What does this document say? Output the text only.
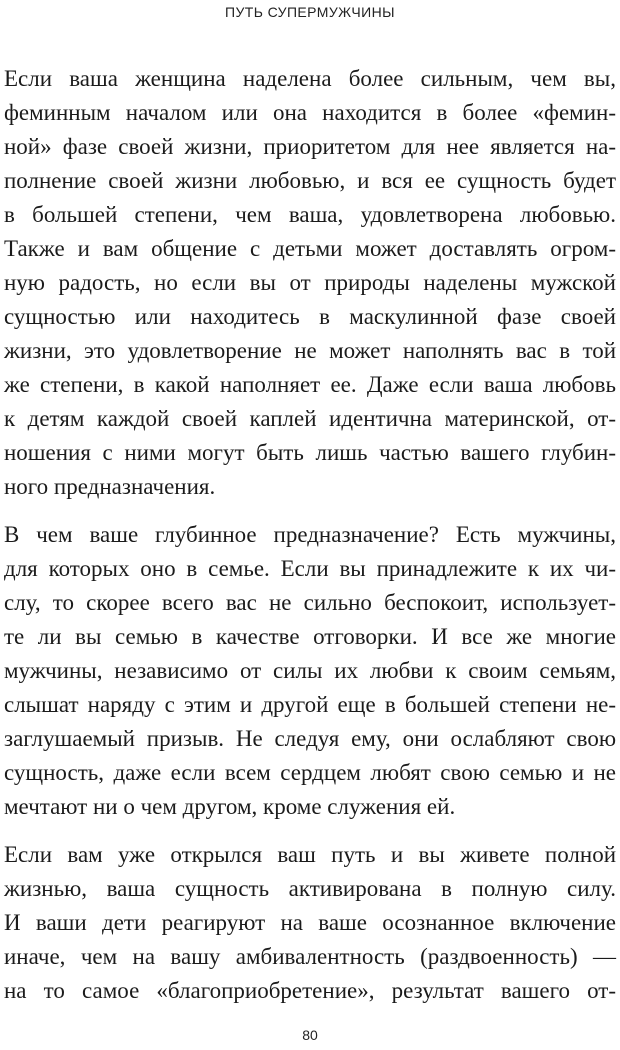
ПУТЬ СУПЕРМУЖЧИНЫ
Если ваша женщина наделена более сильным, чем вы,
феминным началом или она находится в более «фемин-
ной» фазе своей жизни, приоритетом для нее является на-
полнение своей жизни любовью, и вся ее сущность будет
в большей степени, чем ваша, удовлетворена любовью.
Также и вам общение с детьми может доставлять огром-
ную радость, но если вы от природы наделены мужской
сущностью или находитесь в маскулинной фазе своей
жизни, это удовлетворение не может наполнять вас в той
же степени, в какой наполняет ее. Даже если ваша любовь
к детям каждой своей каплей идентична материнской, от-
ношения с ними могут быть лишь частью вашего глубин-
ного предназначения.
В чем ваше глубинное предназначение? Есть мужчины,
для которых оно в семье. Если вы принадлежите к их чи-
слу, то скорее всего вас не сильно беспокоит, использует-
те ли вы семью в качестве отговорки. И все же многие
мужчины, независимо от силы их любви к своим семьям,
слышат наряду с этим и другой еще в большей степени не-
заглушаемый призыв. Не следуя ему, они ослабляют свою
сущность, даже если всем сердцем любят свою семью и не
мечтают ни о чем другом, кроме служения ей.
Если вам уже открылся ваш путь и вы живете полной
жизнью, ваша сущность активирована в полную силу.
И ваши дети реагируют на ваше осознанное включение
иначе, чем на вашу амбивалентность (раздвоенность) —
на то самое «благоприобретение», результат вашего от-
80
